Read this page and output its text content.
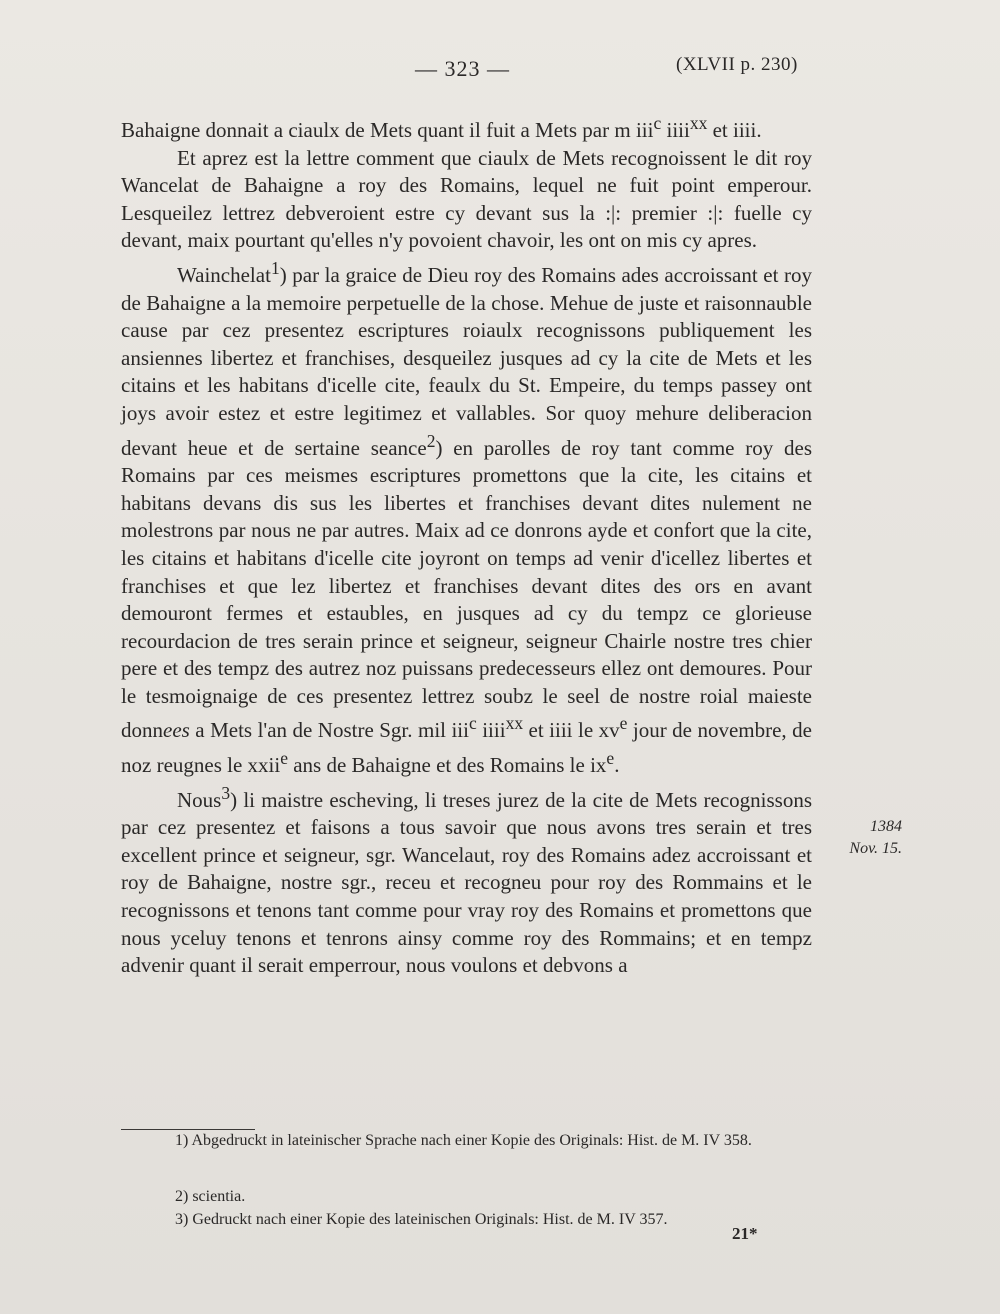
— 323 —	(XLVII p. 230)

Bahaigne donnait a ciaulx de Mets quant il fuit a Mets par m iii$^c$ iiii$^{xx}$ et iiii.

Et aprez est la lettre comment que ciaulx de Mets recognoissent le dit roy Wancelat de Bahaigne a roy des Romains, lequel ne fuit point emperour. Lesqueilez lettrez debveroient estre cy devant sus la :|: premier :|: fuelle cy devant, maix pourtant qu'elles n'y povoient chavoir, les ont on mis cy apres.

Wainchelat$^1$) par la graice de Dieu roy des Romains ades accroissant et roy de Bahaigne a la memoire perpetuelle de la chose. Mehue de juste et raisonnauble cause par cez presentez escriptures roiaulx recognissons publiquement les ansiennes libertez et franchises, desqueilez jusques ad cy la cite de Mets et les citains et les habitans d'icelle cite, feaulx du St. Empeire, du temps passey ont joys avoir estez et estre legitimez et vallables. Sor quoy mehure deliberacion devant heue et de sertaine seance$^2$) en parolles de roy tant comme roy des Romains par ces meismes escriptures promettons que la cite, les citains et habitans devans dis sus les libertes et franchises devant dites nulement ne molestrons par nous ne par autres. Maix ad ce donrons ayde et confort que la cite, les citains et habitans d'icelle cite joyront on temps ad venir d'icellez libertes et franchises et que lez libertez et franchises devant dites des ors en avant demouront fermes et estaubles, en jusques ad cy du tempz ce glorieuse recourdacion de tres serain prince et seigneur, seigneur Chairle nostre tres chier pere et des tempz des autrez noz puissans predecesseurs ellez ont demoures. Pour le tesmoignaige de ces presentez lettrez soubz le seel de nostre roial maieste donnees a Mets l'an de Nostre Sgr. mil iii$^c$ iiii$^{xx}$ et iiii le $xv^e$ jour de novembre, de noz reugnes le xxii$^e$ ans de Bahaigne et des Romains le $ix^e$.

Nous$^3$) li maistre escheving, li treses jurez de la cite de Mets recognissons par cez presentez et faisons a tous savoir que nous avons tres serain et tres excellent prince et seigneur, sgr. Wancelaut, roy des Romains adez accroissant et roy de Bahaigne, nostre sgr., receu et recogneu pour roy des Rommains et le recognissons et tenons tant comme pour vray roy des Romains et promettons que nous yceluy tenons et tenrons ainsy comme roy des Rommains; et en tempz advenir quant il serait emperrour, nous voulons et debvons a

1384
Nov. 15.
1) Abgedruckt in lateinischer Sprache nach einer Kopie des Originals: Hist. de M. IV 358.
2) scientia.
3) Gedruckt nach einer Kopie des lateinischen Originals: Hist. de M. IV 357.
21*
